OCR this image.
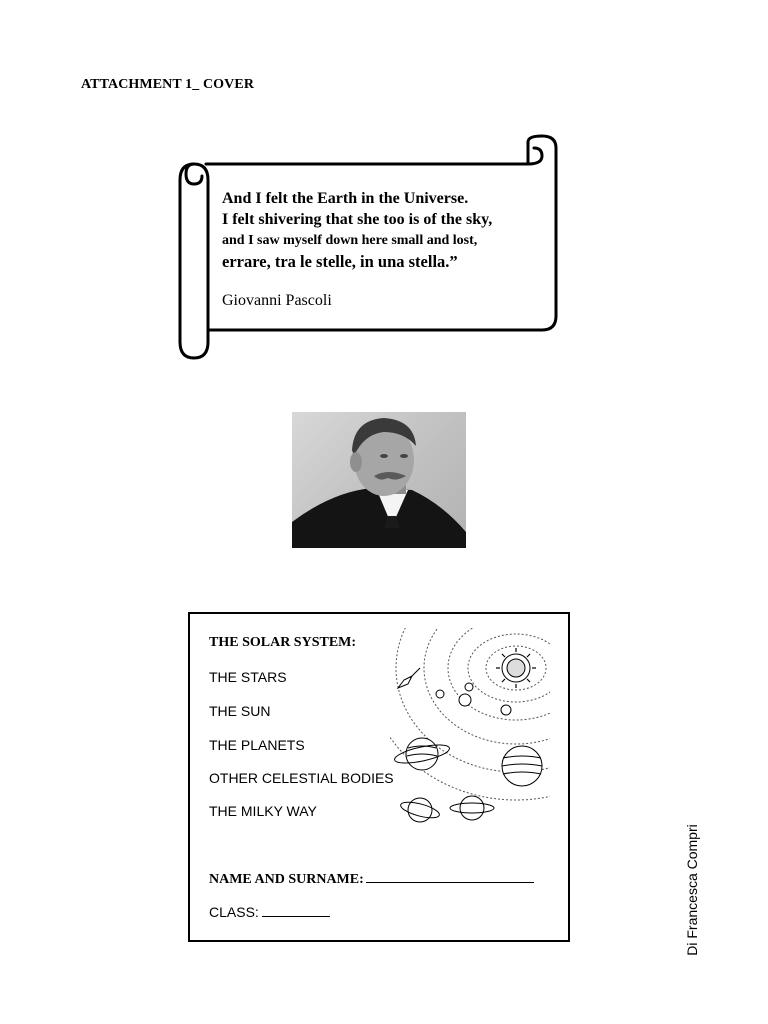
ATTACHMENT 1_ COVER
And I felt the Earth in the Universe.
I felt shivering that she too is of the sky,
and I saw myself down here small and lost,
errare, tra le stelle, in una stella.”
Giovanni Pascoli
THE SOLAR SYSTEM:
THE STARS
THE SUN
THE PLANETS
OTHER CELESTIAL BODIES
THE MILKY WAY
NAME AND SURNAME:
CLASS:	Di Francesca Compri
